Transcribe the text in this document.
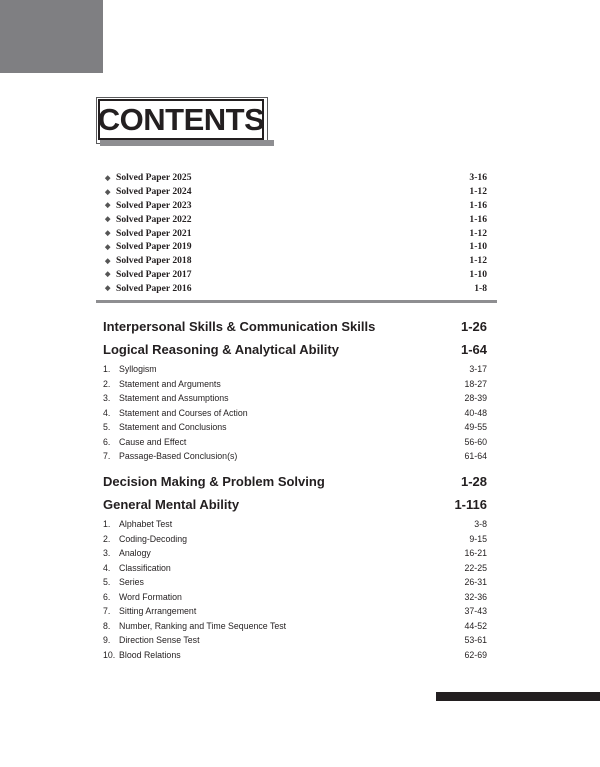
CONTENTS
◆ Solved Paper 2025	3-16
◆ Solved Paper 2024	1-12
◆ Solved Paper 2023	1-16
◆ Solved Paper 2022	1-16
◆ Solved Paper 2021	1-12
◆ Solved Paper 2019	1-10
◆ Solved Paper 2018	1-12
◆ Solved Paper 2017	1-10
◆ Solved Paper 2016	1-8
Interpersonal Skills & Communication Skills	1-26
Logical Reasoning & Analytical Ability	1-64
1. Syllogism	3-17
2. Statement and Arguments	18-27
3. Statement and Assumptions	28-39
4. Statement and Courses of Action	40-48
5. Statement and Conclusions	49-55
6. Cause and Effect	56-60
7. Passage-Based Conclusion(s)	61-64
Decision Making & Problem Solving	1-28
General Mental Ability	1-116
1. Alphabet Test	3-8
2. Coding-Decoding	9-15
3. Analogy	16-21
4. Classification	22-25
5. Series	26-31
6. Word Formation	32-36
7. Sitting Arrangement	37-43
8. Number, Ranking and Time Sequence Test	44-52
9. Direction Sense Test	53-61
10. Blood Relations	62-69
